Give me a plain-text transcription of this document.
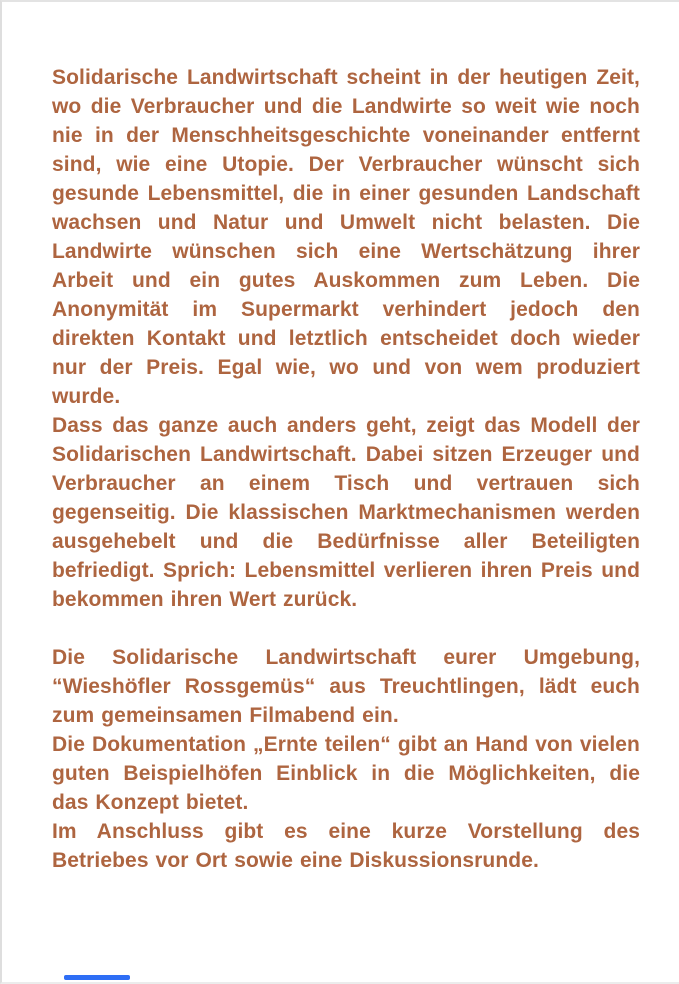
Solidarische Landwirtschaft scheint in der heutigen Zeit, wo die Verbraucher und die Landwirte so weit wie noch nie in der Menschheitsgeschichte voneinander entfernt sind, wie eine Utopie. Der Verbraucher wünscht sich gesunde Lebensmittel, die in einer gesunden Landschaft wachsen und Natur und Umwelt nicht belasten. Die Landwirte wünschen sich eine Wertschätzung ihrer Arbeit und ein gutes Auskommen zum Leben. Die Anonymität im Supermarkt verhindert jedoch den direkten Kontakt und letztlich entscheidet doch wieder nur der Preis. Egal wie, wo und von wem produziert wurde.

Dass das ganze auch anders geht, zeigt das Modell der Solidarischen Landwirtschaft. Dabei sitzen Erzeuger und Verbraucher an einem Tisch und vertrauen sich gegenseitig. Die klassischen Marktmechanismen werden ausgehebelt und die Bedürfnisse aller Beteiligten befriedigt. Sprich: Lebensmittel verlieren ihren Preis und bekommen ihren Wert zurück.

Die Solidarische Landwirtschaft eurer Umgebung, “Wieshöfler Rossgemüs“ aus Treuchtlingen, lädt euch zum gemeinsamen Filmabend ein.

Die Dokumentation „Ernte teilen“ gibt an Hand von vielen guten Beispielhöfen Einblick in die Möglichkeiten, die das Konzept bietet.

Im Anschluss gibt es eine kurze Vorstellung des Betriebes vor Ort sowie eine Diskussionsrunde.
